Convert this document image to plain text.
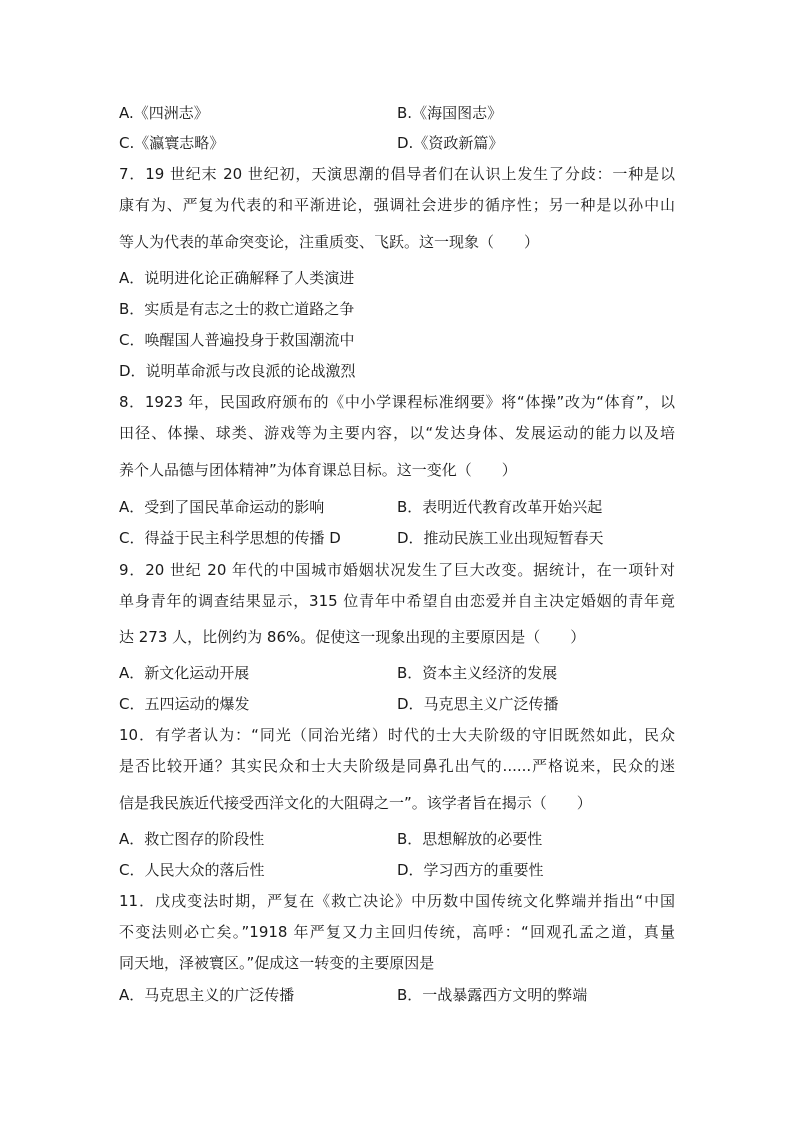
A.《四洲志》	B.《海国图志》
C.《瀛寰志略》	D.《资政新篇》
7．19 世纪末 20 世纪初，天演思潮的倡导者们在认识上发生了分歧：一种是以
康有为、严复为代表的和平渐进论，强调社会进步的循序性；另一种是以孙中山
等人为代表的革命突变论，注重质变、飞跃。这一现象（　　）
A．说明进化论正确解释了人类演进
B．实质是有志之士的救亡道路之争
C．唤醒国人普遍投身于救国潮流中
D．说明革命派与改良派的论战激烈
8．1923 年，民国政府颁布的《中小学课程标准纲要》将“体操”改为“体育”，以
田径、体操、球类、游戏等为主要内容，以“发达身体、发展运动的能力以及培
养个人品德与团体精神”为体育课总目标。这一变化（　　）
A．受到了国民革命运动的影响	B．表明近代教育改革开始兴起
C．得益于民主科学思想的传播 D	D．推动民族工业出现短暂春天
9．20 世纪 20 年代的中国城市婚姻状况发生了巨大改变。据统计，在一项针对
单身青年的调查结果显示，315 位青年中希望自由恋爱并自主决定婚姻的青年竟
达 273 人，比例约为 86%。促使这一现象出现的主要原因是（　　）
A．新文化运动开展	B．资本主义经济的发展
C．五四运动的爆发	D．马克思主义广泛传播
10．有学者认为：“同光（同治光绪）时代的士大夫阶级的守旧既然如此，民众
是否比较开通？其实民众和士大夫阶级是同鼻孔出气的......严格说来，民众的迷
信是我民族近代接受西洋文化的大阻碍之一”。该学者旨在揭示（　　）
A．救亡图存的阶段性	B．思想解放的必要性
C．人民大众的落后性	D．学习西方的重要性
11．戊戌变法时期，严复在《救亡决论》中历数中国传统文化弊端并指出“中国
不变法则必亡矣。”1918 年严复又力主回归传统，高呼：“回观孔孟之道，真量
同天地，泽被寰区。”促成这一转变的主要原因是
A．马克思主义的广泛传播	B．一战暴露西方文明的弊端
